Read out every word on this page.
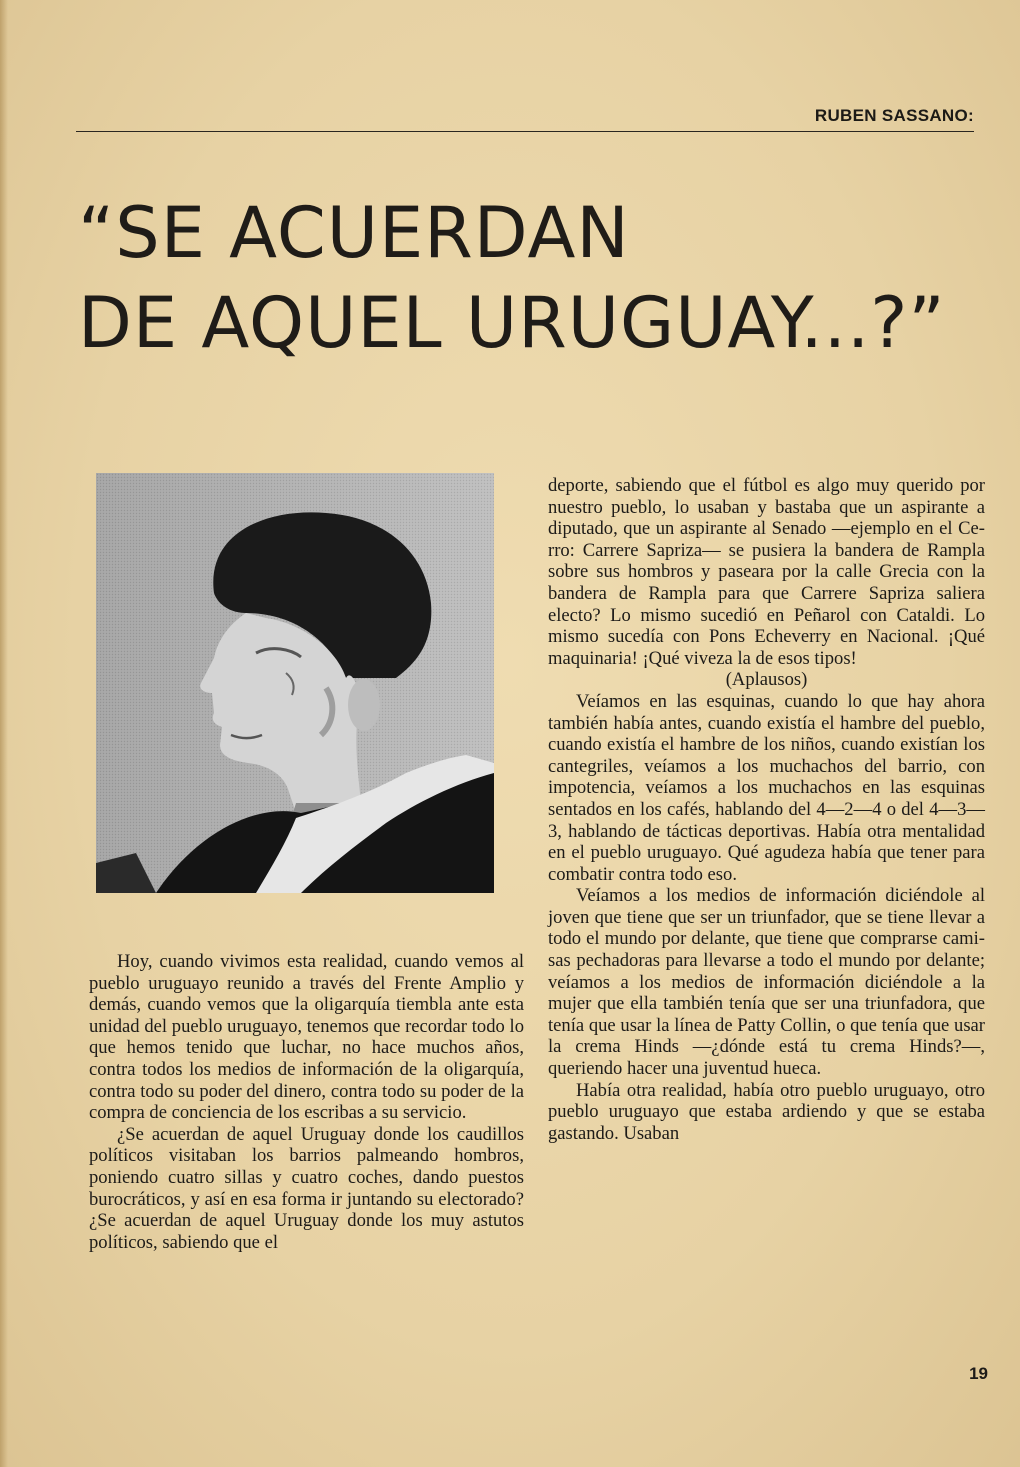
RUBEN SASSANO:
“SE ACUERDAN
DE AQUEL URUGUAY...?”

Hoy, cuando vivimos esta realidad, cuando vemos al pueblo uruguayo reunido a través del Frente Amplio y demás, cuando vemos que la oligarquía tiembla ante esta unidad del pueblo uruguayo, tenemos que recordar todo lo que hemos tenido que luchar, no hace muchos años, contra todos los medios de información de la oligarquía, contra todo su poder del dinero, contra todo su poder de la compra de conciencia de los escribas a su servicio.

¿Se acuerdan de aquel Uruguay donde los caudillos políticos visitaban los barrios palmeando hombros, poniendo cuatro sillas y cuatro coches, dando puestos burocráticos, y así en esa forma ir juntando su electorado? ¿Se acuerdan de aquel Uruguay donde los muy astutos políticos, sabiendo que el

deporte, sabiendo que el fútbol es algo muy querido por nuestro pueblo, lo usaban y bastaba que un aspirante a diputado, que un aspirante al Senado —ejemplo en el Cerro: Carrere Sapriza— se pusiera la bandera de Rampla sobre sus hombros y paseara por la calle Grecia con la bandera de Rampla para que Carrere Sapriza saliera electo? Lo mismo sucedió en Peñarol con Cataldi. Lo mismo sucedía con Pons Echeverry en Nacional. ¡Qué maquinaria! ¡Qué viveza la de esos tipos!

(Aplausos)

Veíamos en las esquinas, cuando lo que hay ahora también había antes, cuando existía el hambre del pueblo, cuando existía el hambre de los niños, cuando existían los cantegriles, veíamos a los muchachos del barrio, con impotencia, veíamos a los muchachos en las esquinas sentados en los cafés, hablando del 4—2—4 o del 4—3—3, hablando de tácticas deportivas. Había otra mentalidad en el pueblo uruguayo. Qué agudeza había que tener para combatir contra todo eso.

Veíamos a los medios de información diciéndole al joven que tiene que ser un triunfador, que se tiene llevar a todo el mundo por delante, que tiene que comprarse camisas pechadoras para llevarse a todo el mundo por delante; veíamos a los medios de información diciéndole a la mujer que ella también tenía que ser una triunfadora, que tenía que usar la línea de Patty Collin, o que tenía que usar la crema Hinds —¿dónde está tu crema Hinds?—, queriendo hacer una juventud hueca.

Había otra realidad, había otro pueblo uruguayo, otro pueblo uruguayo que estaba ardiendo y que se estaba gastando. Usaban

19
